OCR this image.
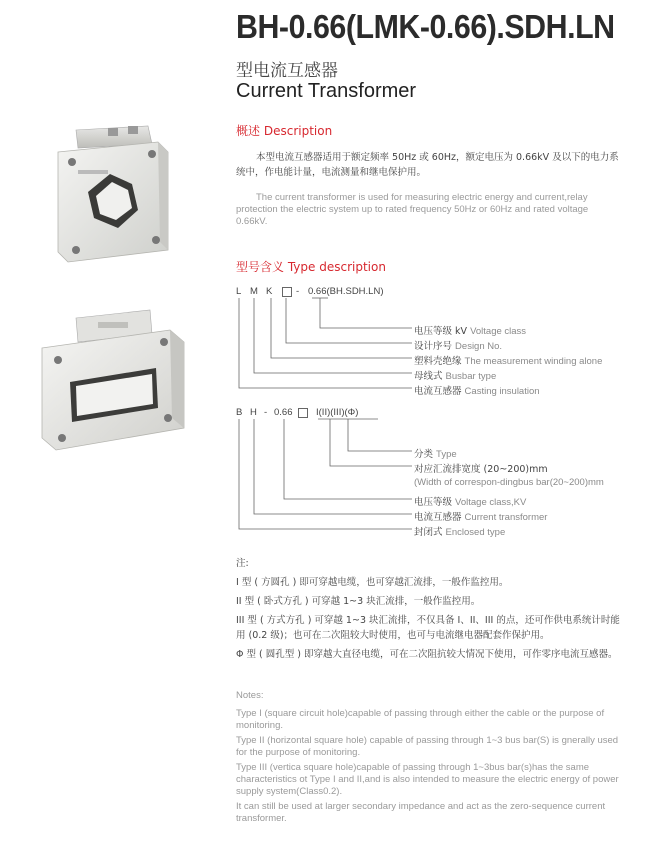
BH-0.66(LMK-0.66).SDH.LN
型电流互感器
Current Transformer
概述 Description
本型电流互感器适用于额定频率 50Hz 或 60Hz，额定电压为 0.66kV 及以下的电力系统中，作电能计量，电流测量和继电保护用。
The current transformer is used for measuring electric energy and current,relay protection the electric system up to rated frequency 50Hz or 60Hz and rated voltage 0.66kV.
型号含义 Type description
L M K - 0.66(BH.SDH.LN)
电压等级 kV Voltage class
设计序号 Design No.
塑料壳绝缘 The measurement winding alone
母线式 Busbar type
电流互感器 Casting insulation
B H - 0.66 I(II)(III)(Φ)
分类 Type
对应汇流排宽度 (20~200)mm
(Width of correspon-dingbus bar(20~200)mm
电压等级 Voltage class,KV
电流互感器 Current transformer
封闭式 Enclosed type
注:
I 型 ( 方圆孔 ) 即可穿越电缆，也可穿越汇流排，一般作监控用。
II 型 ( 卧式方孔 ) 可穿越 1~3 块汇流排，一般作监控用。
III 型 ( 方式方孔 ) 可穿越 1~3 块汇流排，不仅具备 I、II、III 的点，还可作供电系统计时能用 (0.2 级)；也可在二次阻较大时使用，也可与电流继电器配套作保护用。
Φ 型 ( 圆孔型 ) 即穿越大直径电缆，可在二次阻抗较大情况下使用，可作零序电流互感器。
Notes:
Type I (square circuit hole)capable of passing through either the cable or the purpose of monitoring.
Type II (horizontal square hole) capable of passing through 1~3 bus bar(S) is gnerally used for the purpose of monitoring.
Type III (vertica square hole)capable of passing through 1~3bus bar(s)has the same characteristics ot Type I and II,and is also intended to measure the electric energy of power supply system(Class0.2).
It can still be used at larger secondary impedance and act as the zero-sequence current transformer.
